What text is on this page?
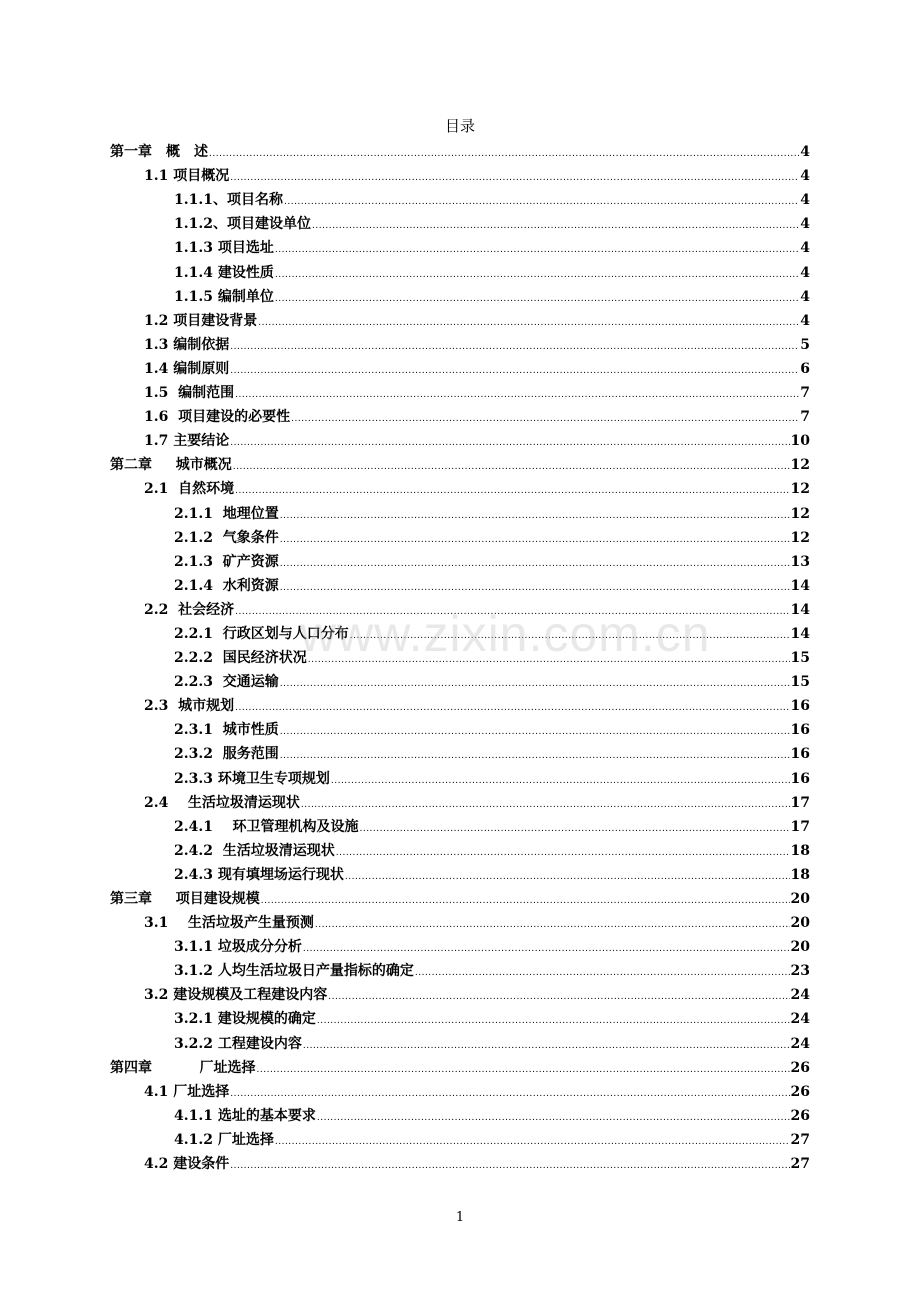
目录
第一章　概　述 .....	4
1.1 项目概况 .....	4
1.1.1、项目名称 .....	4
1.1.2、项目建设单位 .....	4
1.1.3 项目选址 .....	4
1.1.4 建设性质 .....	4
1.1.5 编制单位 .....	4
1.2 项目建设背景 .....	4
1.3 编制依据 .....	5
1.4 编制原则 .....	6
1.5  编制范围 .....	7
1.6  项目建设的必要性 .....	7
1.7 主要结论 .....	10
第二章　  城市概况 .....	12
2.1  自然环境 .....	12
2.1.1  地理位置 .....	12
2.1.2  气象条件 .....	12
2.1.3  矿产资源 .....	13
2.1.4  水利资源 .....	14
2.2  社会经济 .....	14
2.2.1  行政区划与人口分布 .....	14
2.2.2  国民经济状况 .....	15
2.2.3  交通运输 .....	15
2.3  城市规划 .....	16
2.3.1  城市性质 .....	16
2.3.2  服务范围 .....	16
2.3.3 环境卫生专项规划 .....	16
2.4    生活垃圾清运现状 .....	17
2.4.1    环卫管理机构及设施 .....	17
2.4.2  生活垃圾清运现状 .....	18
2.4.3 现有填埋场运行现状 .....	18
第三章　  项目建设规模 .....	20
3.1    生活垃圾产生量预测 .....	20
3.1.1 垃圾成分分析 .....	20
3.1.2 人均生活垃圾日产量指标的确定 .....	23
3.2 建设规模及工程建设内容 .....	24
3.2.1 建设规模的确定 .....	24
3.2.2 工程建设内容 .....	24
第四章　　    厂址选择 .....	26
4.1 厂址选择 .....	26
4.1.1 选址的基本要求 .....	26
4.1.2 厂址选择 .....	27
4.2 建设条件 .....	27
www.zixin.com.cn
1
